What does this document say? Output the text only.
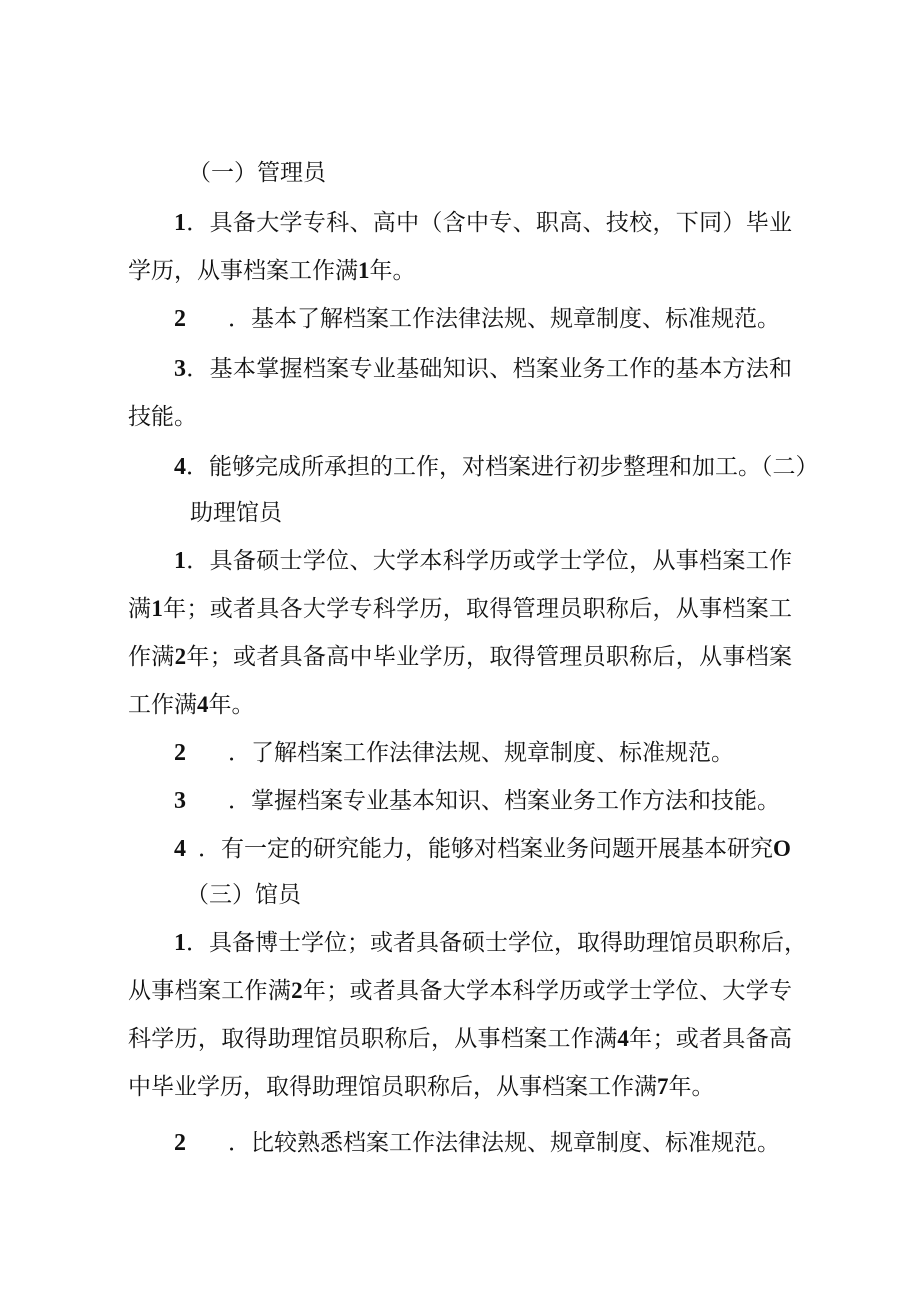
（一）管理员
1．具备大学专科、高中（含中专、职高、技校，下同）毕业
学历，从事档案工作满1年。
2 ．基本了解档案工作法律法规、规章制度、标准规范。
3．基本掌握档案专业基础知识、档案业务工作的基本方法和
技能。
4．能够完成所承担的工作，对档案进行初步整理和加工。（二）
助理馆员
1．具备硕士学位、大学本科学历或学士学位，从事档案工作
满1年；或者具各大学专科学历，取得管理员职称后，从事档案工
作满2年；或者具备高中毕业学历，取得管理员职称后，从事档案
工作满4年。
2 ．了解档案工作法律法规、规章制度、标准规范。
3 ．掌握档案专业基本知识、档案业务工作方法和技能。
4 ．有一定的研究能力，能够对档案业务问题开展基本研究O
（三）馆员
1．具备博士学位；或者具备硕士学位，取得助理馆员职称后，
从事档案工作满2年；或者具备大学本科学历或学士学位、大学专
科学历，取得助理馆员职称后，从事档案工作满4年；或者具备高
中毕业学历，取得助理馆员职称后，从事档案工作满7年。
2 ．比较熟悉档案工作法律法规、规章制度、标准规范。
